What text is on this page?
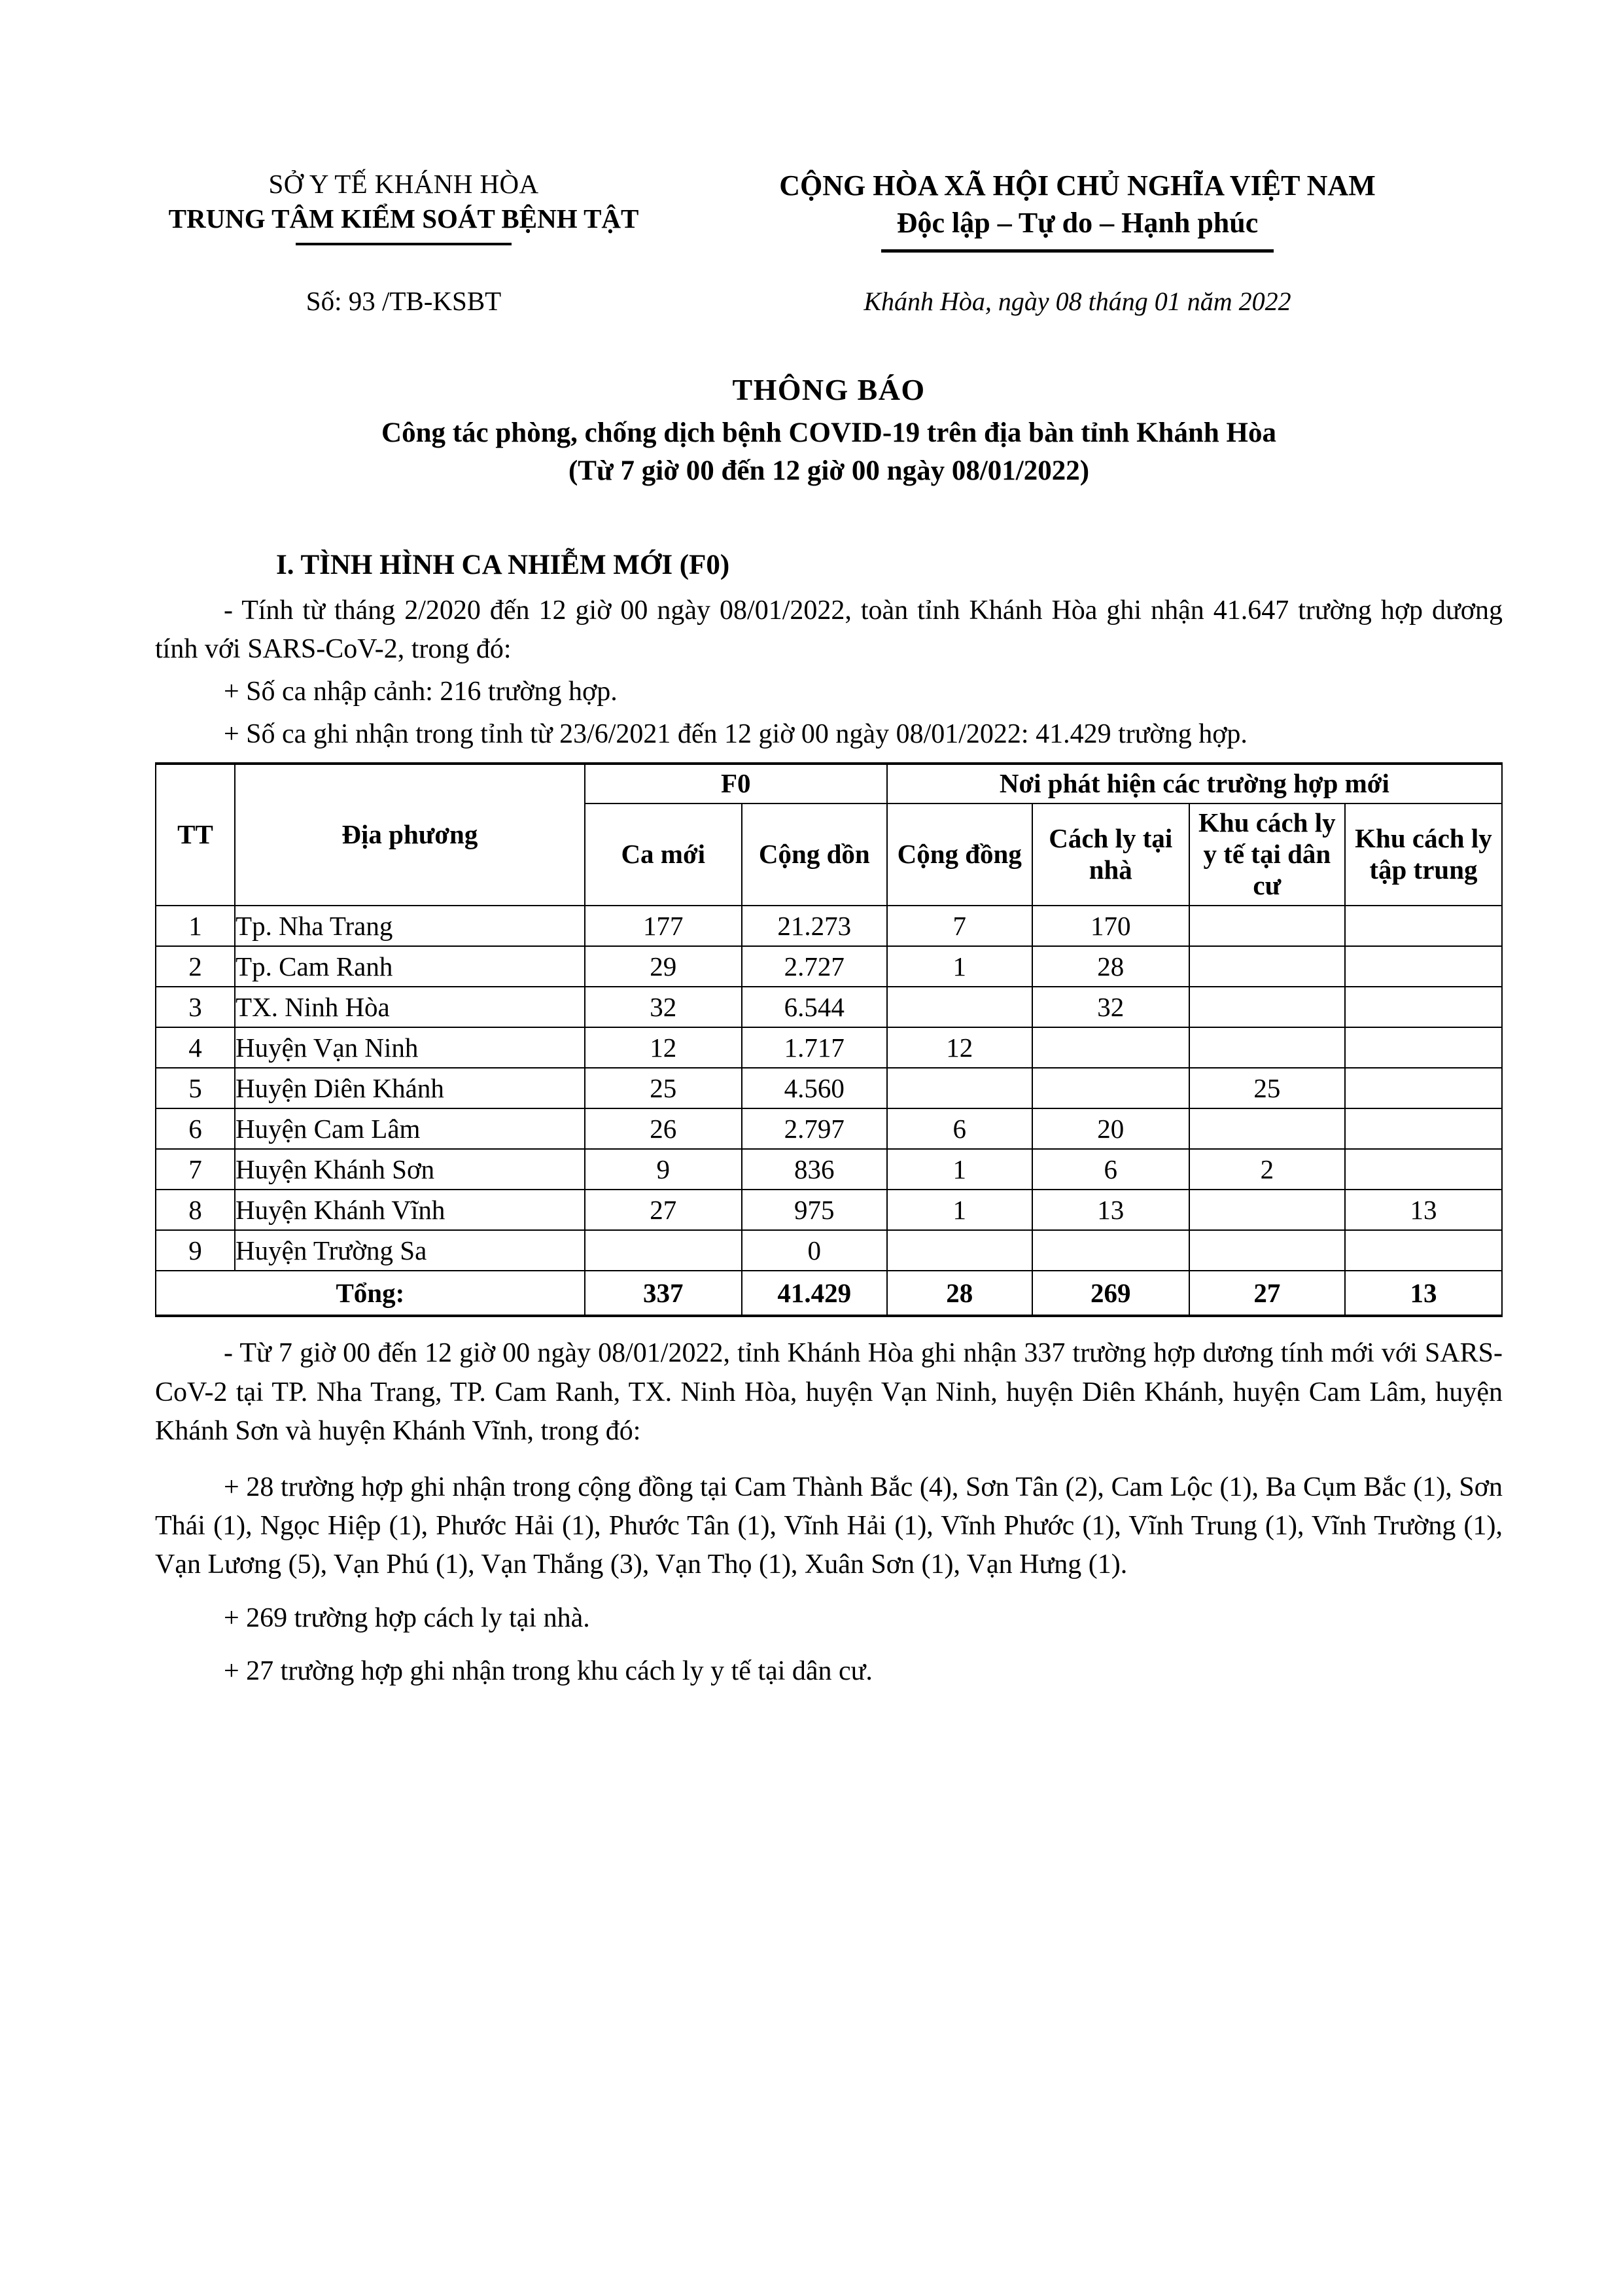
SỞ Y TẾ KHÁNH HÒA
TRUNG TÂM KIỂM SOÁT BỆNH TẬT
CỘNG HÒA XÃ HỘI CHỦ NGHĨA VIỆT NAM
Độc lập – Tự do – Hạnh phúc
Số: 93 /TB-KSBT	Khánh Hòa, ngày 08 tháng 01 năm 2022
THÔNG BÁO
Công tác phòng, chống dịch bệnh COVID-19 trên địa bàn tỉnh Khánh Hòa
(Từ 7 giờ 00 đến 12 giờ 00 ngày 08/01/2022)
I. TÌNH HÌNH CA NHIỄM MỚI (F0)
- Tính từ tháng 2/2020 đến 12 giờ 00 ngày 08/01/2022, toàn tỉnh Khánh Hòa ghi nhận 41.647 trường hợp dương tính với SARS-CoV-2, trong đó:
+ Số ca nhập cảnh: 216 trường hợp.
+ Số ca ghi nhận trong tỉnh từ 23/6/2021 đến 12 giờ 00 ngày 08/01/2022: 41.429 trường hợp.
TT	Địa phương	F0		Nơi phát hiện các trường hợp mới			
		Ca mới	Cộng dồn	Cộng đồng	Cách ly tại nhà	Khu cách ly y tế tại dân cư	Khu cách ly tập trung
1	Tp. Nha Trang	177	21.273	7	170		
2	Tp. Cam Ranh	29	2.727	1	28		
3	TX. Ninh Hòa	32	6.544		32		
4	Huyện Vạn Ninh	12	1.717	12			
5	Huyện Diên Khánh	25	4.560			25	
6	Huyện Cam Lâm	26	2.797	6	20		
7	Huyện Khánh Sơn	9	836	1	6	2	
8	Huyện Khánh Vĩnh	27	975	1	13		13
9	Huyện Trường Sa		0				
Tổng:		337	41.429	28	269	27	13
- Từ 7 giờ 00 đến 12 giờ 00 ngày 08/01/2022, tỉnh Khánh Hòa ghi nhận 337 trường hợp dương tính mới với SARS-CoV-2 tại TP. Nha Trang, TP. Cam Ranh, TX. Ninh Hòa, huyện Vạn Ninh, huyện Diên Khánh, huyện Cam Lâm, huyện Khánh Sơn và huyện Khánh Vĩnh, trong đó:
+ 28 trường hợp ghi nhận trong cộng đồng tại Cam Thành Bắc (4), Sơn Tân (2), Cam Lộc (1), Ba Cụm Bắc (1), Sơn Thái (1), Ngọc Hiệp (1), Phước Hải (1), Phước Tân (1), Vĩnh Hải (1), Vĩnh Phước (1), Vĩnh Trung (1), Vĩnh Trường (1), Vạn Lương (5), Vạn Phú (1), Vạn Thắng (3), Vạn Thọ (1), Xuân Sơn (1), Vạn Hưng (1).
+ 269 trường hợp cách ly tại nhà.
+ 27 trường hợp ghi nhận trong khu cách ly y tế tại dân cư.
